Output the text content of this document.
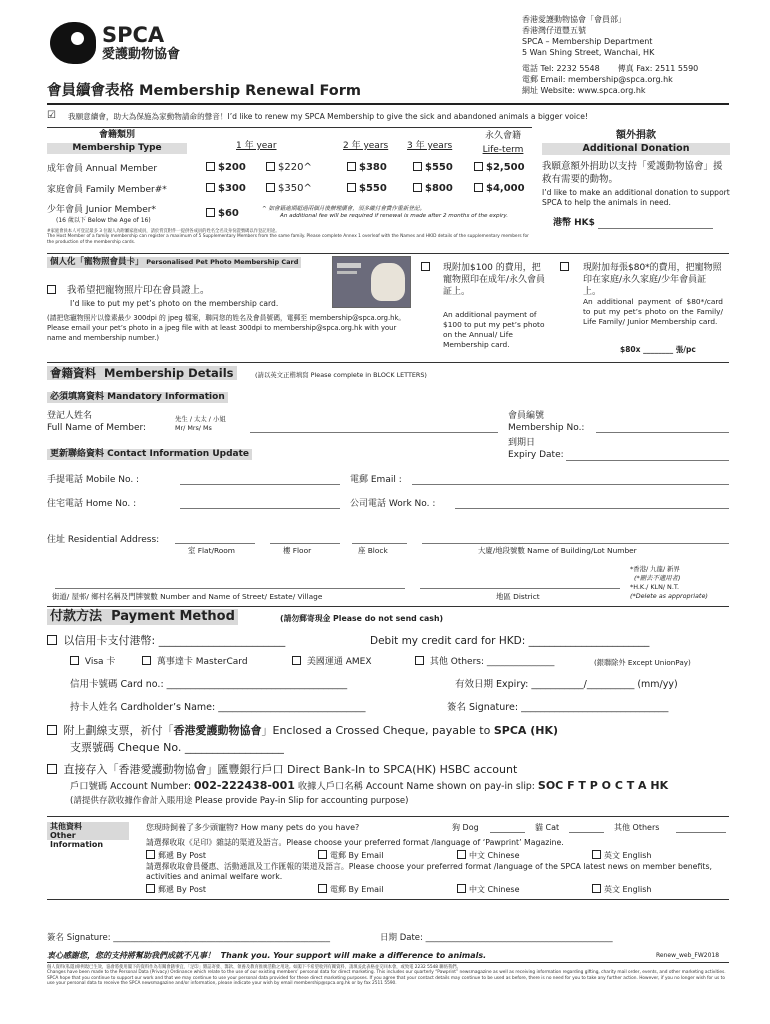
SPCA
愛護動物協會
香港愛護動物協會「會員部」
香港灣仔道豐五號
SPCA – Membership Department
5 Wan Shing Street, Wanchai, HK
電話 Tel: 2232 5548 傳真 Fax: 2511 5590
電郵 Email: membership@spca.org.hk
網址 Website: www.spca.org.hk
會員續會表格 Membership Renewal Form
☑ 我願意續會，助大為保施為家動物請命的聲音！I’d like to renew my SPCA Membership to give the sick and abandoned animals a bigger voice!
會籍類別
Membership Type	1 年 year	2 年 years 3 年 years
永久會籍
Life-term
成年會員 Annual Member	$200	$220^	$380	$550	$2,500
家庭會員 Family Member#*	$300	$350^	$550	$800	$4,000
少年會員 Junior Member*
(16 歲以下 Below the Age of 16)
$60	^ 如會籍逾期超過兩個月後辦理續會，須多繳付會費作重新登記。
An additional fee will be required if renewal is made after 2 months of the expiry.
#家庭會員本人可登記最多 3 位親人為附屬家庭成員，請於背頁附件一提供各成員的姓名全名及身份證號碼以作登記用途。
The Host Member of a family membership can register a maximum of 5 Supplementary Members from the same family. Please complete Annex 1 overleaf with the Names and HKID details of the supplementary members for the production of the membership cards.
額外捐款
Additional Donation
我願意額外捐助以支持「愛護動物協會」援救有需要的動物。
I’d like to make an additional donation to support SPCA to help the animals in need.
港幣 HK$
個人化「寵物照會員卡」 Personalised Pet Photo Membership Card
我希望把寵物照片印在會員證上。
I’d like to put my pet’s photo on the membership card.
(請把您寵物照片以像素最少 300dpi 的 jpeg 檔案，聯同您的姓名及會員號碼，電郵至 membership@spca.org.hk。
Please email your pet’s photo in a jpeg file with at least 300dpi to membership@spca.org.hk with your name and membership number.)
現附加$100 的費用，把寵物照印在成年/永久會員証上。
An additional payment of $100 to put my pet’s photo on the Annual/ Life Membership card.
現附加每張$80*的費用，把寵物照印在家庭/永久家庭/少年會員証上。
An additional payment of $80*/card to put my pet’s photo on the Family/ Life Family/ Junior Membership card.
$80x ________ 張/pc
會籍資料 Membership Details	(請以英文正楷填寫 Please complete in BLOCK LETTERS)
必須填寫資料 Mandatory Information
登記人姓名
Full Name of Member:
先生 / 太太 / 小姐
Mr/ Mrs/ Ms
會員編號
Membership No.:
到期日
Expiry Date:
更新聯絡資料 Contact Information Update
手提電話 Mobile No. :	電郵 Email :
住宅電話 Home No. :	公司電話 Work No. :
住址 Residential Address:
室 Flat/Room	樓 Floor	座 Block	大廈/地段號數 Name of Building/Lot Number
*香港/ 九龍/ 新界
(*刪去不適用者)
*H.K./ KLN/ N.T.
(*Delete as appropriate)
街道/ 屋邨/ 鄉村名稱及門牌號數 Number and Name of Street/ Estate/ Village	地區 District
付款方法 Payment Method	(請勿郵寄現金 Please do not send cash)
以信用卡支付港幣: _______________________	Debit my credit card for HKD: _______________________
Visa 卡	萬事達卡 MasterCard	美國運通 AMEX	其他 Others: _______________	(銀聯除外 Except UnionPay)
信用卡號碼 Card no.: ______________________________________	有效日期 Expiry: ___________/__________ (mm/yy)
持卡人姓名 Cardholder’s Name: _______________________________	簽名 Signature: _______________________________
附上劃線支票，祈付「香港愛護動物協會」Enclosed a Crossed Cheque, payable to SPCA (HK)
支票號碼 Cheque No. __________________
直接存入「香港愛護動物協會」匯豐銀行戶口 Direct Bank-In to SPCA(HK) HSBC account
戶口號碼 Account Number: 002-222438-001 收據人戶口名稱 Account Name shown on pay-in slip: SOC F T P O C T A HK
(請提供存款收據作會計入賬用途 Please provide Pay-in Slip for accounting purpose)
其他資料
Other Information
您現時飼養了多少頭寵物? How many pets do you have?	狗 Dog	貓 Cat	其他 Others
請選擇收取《足印》雜誌的渠道及語言。Please choose your preferred format /language of ‘Pawprint’ Magazine.
郵遞 By Post	電郵 By Email	中文 Chinese	英文 English
請選擇收取會員優惠、活動通訊及工作匯報的渠道及語言。Please choose your preferred format /language of the SPCA latest news on member benefits, activities and animal welfare work.
郵遞 By Post	電郵 By Email	中文 Chinese	英文 English
簽名 Signature: ___________________________________________________	日期 Date: ____________________________________________
衷心感謝您，您的支持將幫助我們成就不凡事！ Thank you. Your support will make a difference to animals.	Renew_web_FW2018
個人資料(私隱)條例現已生效，協會將使用閣下的資料作為有關會籍事宜、「足印」雜誌寄發、籌款、領養及教育推廣活動之用途。如閣下不希望收到有關資料，請填妥此表格並交回本會，或致電 2232 5548 聯絡我們。
Changes have been made to the Personal Data (Privacy) Ordinance which relate to the use of our existing members’ personal data for direct marketing. This includes our quarterly “Pawprint” newsmagazine as well as receiving information regarding gifting, charity mail order, events, and other marketing activities. SPCA hope that you continue to support our work and that we may continue to use your personal data provided for these direct marketing purposes. If you agree that your contact details may continue to be used as before, there is no need for you to take any further action. However, if you no longer wish for us to use your personal data to receive the SPCA newsmagazine and/or information, please indicate your wish by email membership@spca.org.hk or by fax 2511 5590.
